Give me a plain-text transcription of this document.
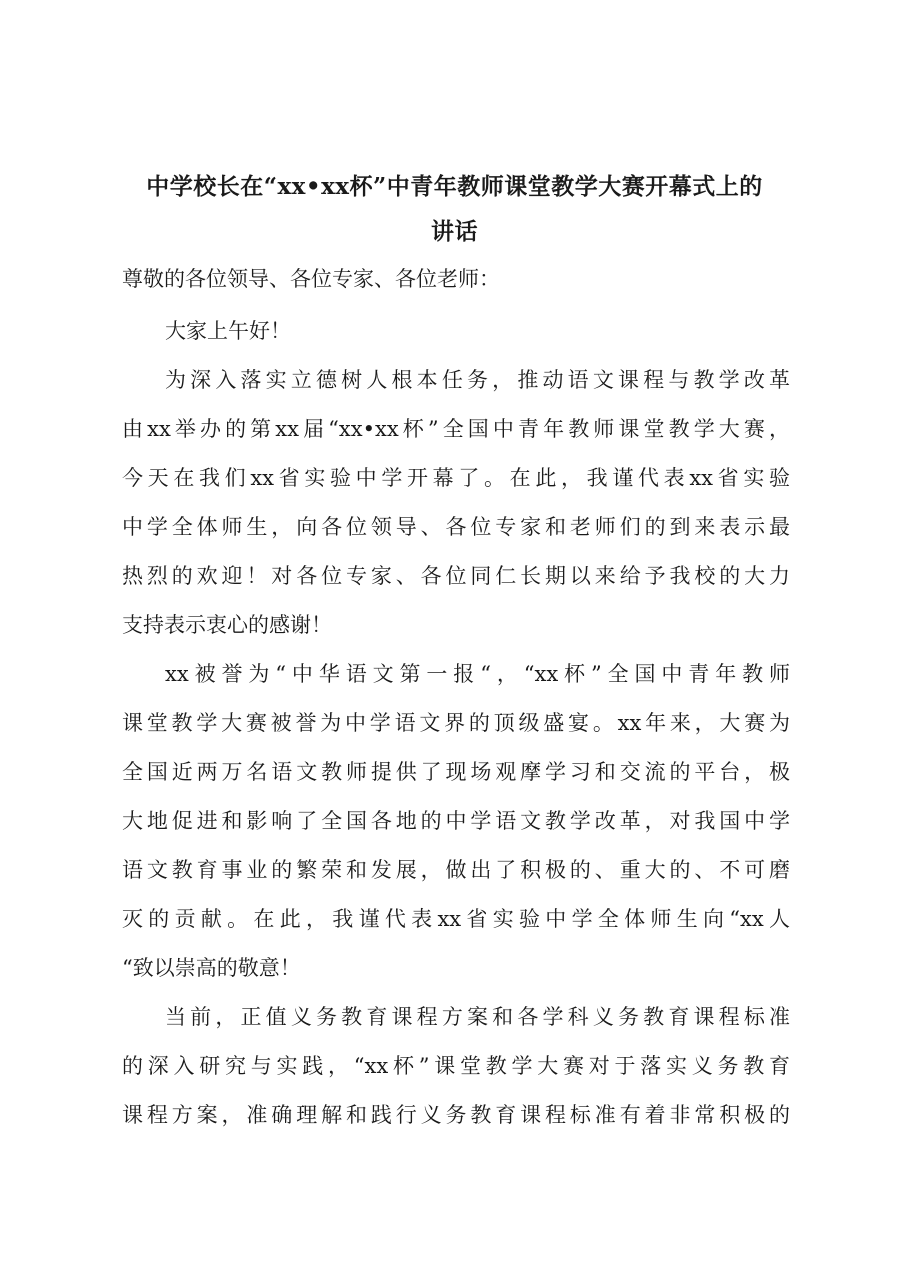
中学校长在“xx•xx杯”中青年教师课堂教学大赛开幕式上的
讲话
尊敬的各位领导、各位专家、各位老师：
大家上午好！
为深入落实立德树人根本任务，推动语文课程与教学改革
由xx举办的第xx届“xx•xx杯”全国中青年教师课堂教学大赛，
今天在我们xx省实验中学开幕了。在此，我谨代表xx省实验
中学全体师生，向各位领导、各位专家和老师们的到来表示最
热烈的欢迎！对各位专家、各位同仁长期以来给予我校的大力
支持表示衷心的感谢！
xx被誉为“中华语文第一报“，“xx杯”全国中青年教师
课堂教学大赛被誉为中学语文界的顶级盛宴。xx年来，大赛为
全国近两万名语文教师提供了现场观摩学习和交流的平台，极
大地促进和影响了全国各地的中学语文教学改革，对我国中学
语文教育事业的繁荣和发展，做出了积极的、重大的、不可磨
灭的贡献。在此，我谨代表xx省实验中学全体师生向“xx人
“致以崇高的敬意！
当前，正值义务教育课程方案和各学科义务教育课程标准
的深入研究与实践，“xx杯”课堂教学大赛对于落实义务教育
课程方案，准确理解和践行义务教育课程标准有着非常积极的
